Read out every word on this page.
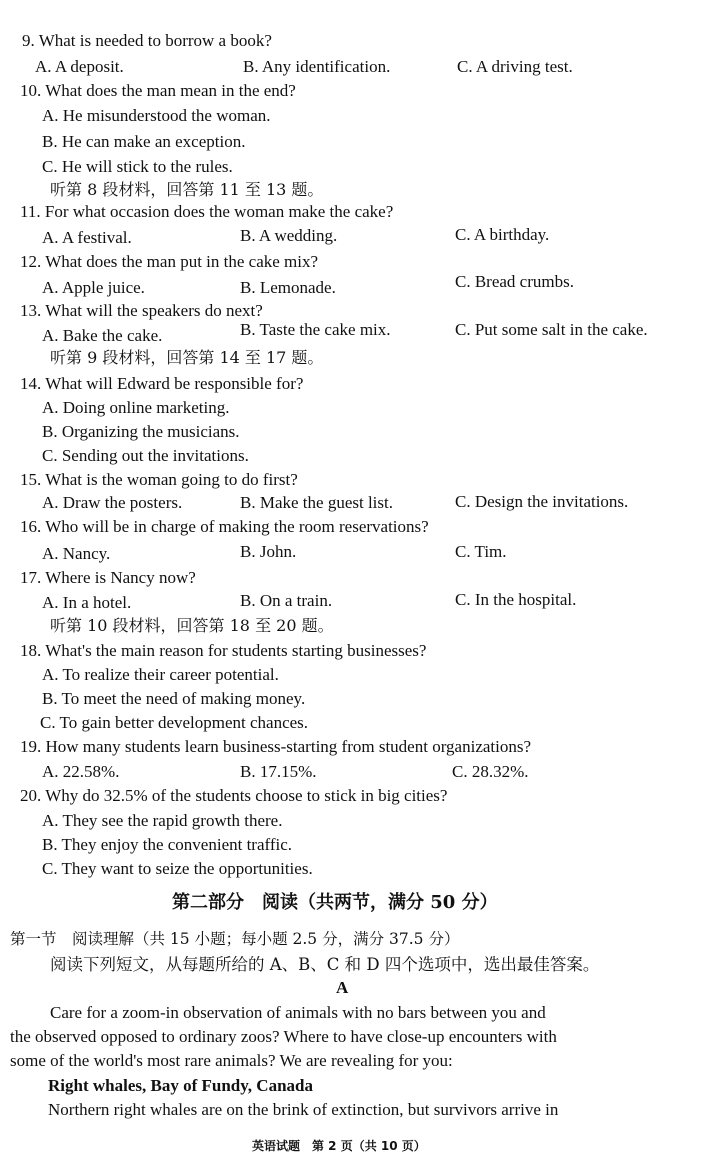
9. What is needed to borrow a book?
A. A deposit.	B. Any identification.	C. A driving test.
10. What does the man mean in the end?
A. He misunderstood the woman.
B. He can make an exception.
C. He will stick to the rules.
听第 8 段材料，回答第 11 至 13 题。
11. For what occasion does the woman make the cake?
A. A festival.	B. A wedding.	C. A birthday.
12. What does the man put in the cake mix?
A. Apple juice.	B. Lemonade.	C. Bread crumbs.
13. What will the speakers do next?
A. Bake the cake.	B. Taste the cake mix.	C. Put some salt in the cake.
听第 9 段材料，回答第 14 至 17 题。
14. What will Edward be responsible for?
A. Doing online marketing.
B. Organizing the musicians.
C. Sending out the invitations.
15. What is the woman going to do first?
A. Draw the posters.	B. Make the guest list.	C. Design the invitations.
16. Who will be in charge of making the room reservations?
A. Nancy.	B. John.	C. Tim.
17. Where is Nancy now?
A. In a hotel.	B. On a train.	C. In the hospital.
听第 10 段材料，回答第 18 至 20 题。
18. What's the main reason for students starting businesses?
A. To realize their career potential.
B. To meet the need of making money.
C. To gain better development chances.
19. How many students learn business-starting from student organizations?
A. 22.58%.	B. 17.15%.	C. 28.32%.
20. Why do 32.5% of the students choose to stick in big cities?
A. They see the rapid growth there.
B. They enjoy the convenient traffic.
C. They want to seize the opportunities.
第二部分　阅读（共两节，满分 50 分）
第一节　阅读理解（共 15 小题；每小题 2.5 分，满分 37.5 分）
阅读下列短文，从每题所给的 A、B、C 和 D 四个选项中，选出最佳答案。
A
Care for a zoom-in observation of animals with no bars between you and
the observed opposed to ordinary zoos? Where to have close-up encounters with
some of the world's most rare animals? We are revealing for you:
Right whales, Bay of Fundy, Canada
Northern right whales are on the brink of extinction, but survivors arrive in
英语试题　第 2 页（共 10 页）
